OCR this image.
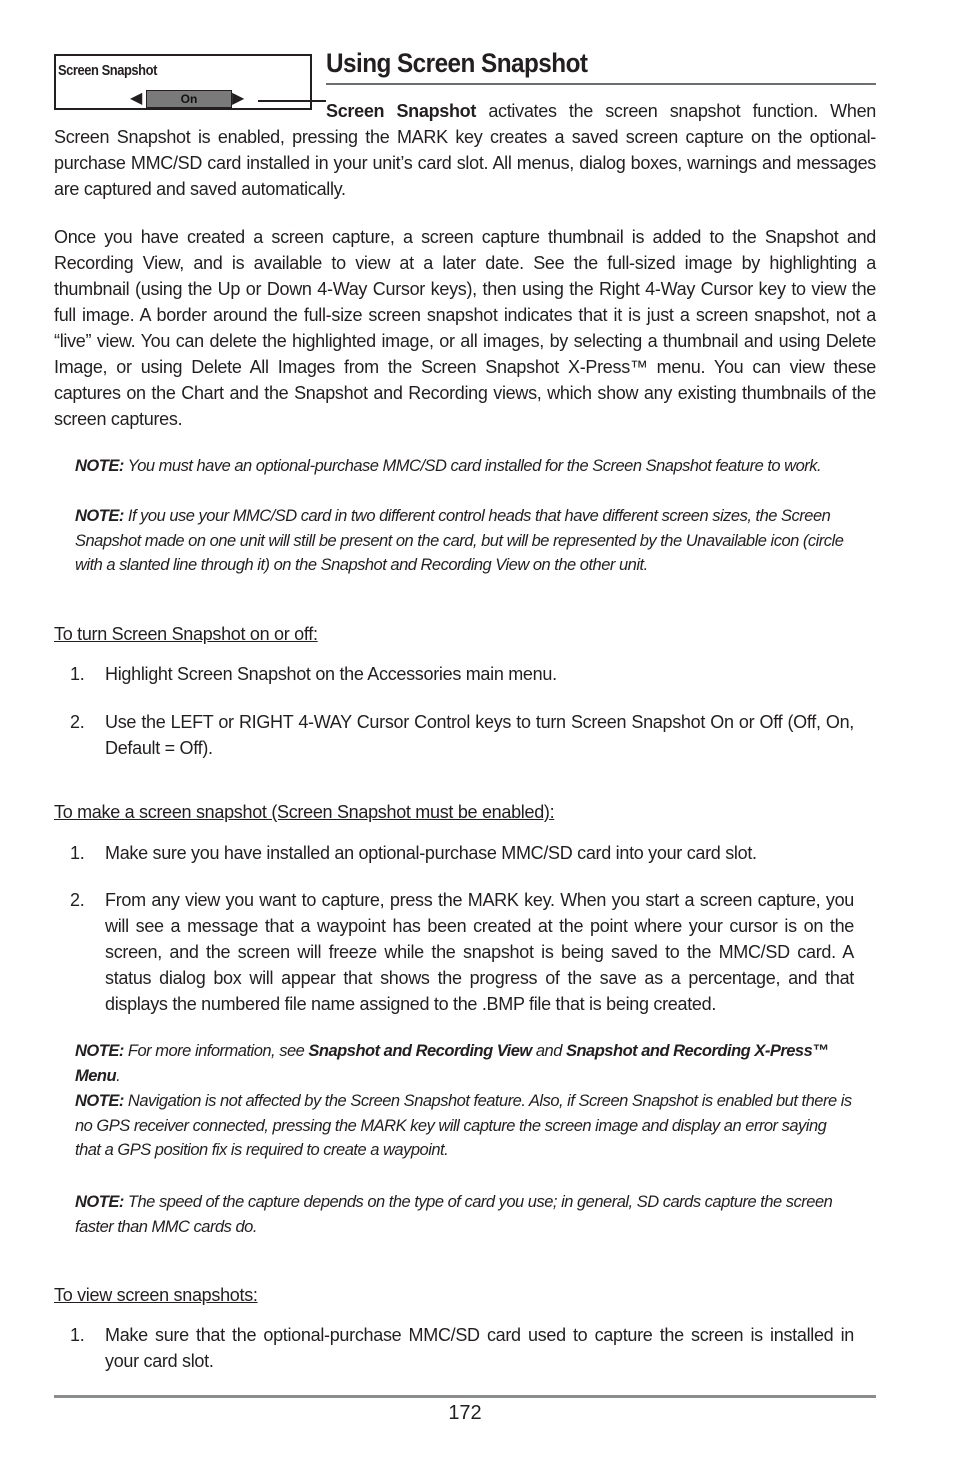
Screen Snapshot
◀	On	▶
Using Screen Snapshot

Screen Snapshot activates the screen snapshot function. When Screen Snapshot is enabled, pressing the MARK key creates a saved screen capture on the optional-purchase MMC/SD card installed in your unit’s card slot. All menus, dialog boxes, warnings and messages are captured and saved automatically.

Once you have created a screen capture, a screen capture thumbnail is added to the Snapshot and Recording View, and is available to view at a later date. See the full-sized image by highlighting a thumbnail (using the Up or Down 4-Way Cursor keys), then using the Right 4-Way Cursor key to view the full image. A border around the full-size screen snapshot indicates that it is just a screen snapshot, not a “live” view. You can delete the highlighted image, or all images, by selecting a thumbnail and using Delete Image, or using Delete All Images from the Screen Snapshot X-Press™ menu. You can view these captures on the Chart and the Snapshot and Recording views, which show any existing thumbnails of the screen captures.

NOTE: You must have an optional-purchase MMC/SD card installed for the Screen Snapshot feature to work.

NOTE: If you use your MMC/SD card in two different control heads that have different screen sizes, the Screen Snapshot made on one unit will still be present on the card, but will be represented by the Unavailable icon (circle with a slanted line through it) on the Snapshot and Recording View on the other unit.

To turn Screen Snapshot on or off:

1. Highlight Screen Snapshot on the Accessories main menu.
2. Use the LEFT or RIGHT 4-WAY Cursor Control keys to turn Screen Snapshot On or Off (Off, On, Default = Off).

To make a screen snapshot (Screen Snapshot must be enabled):

1. Make sure you have installed an optional-purchase MMC/SD card into your card slot.
2. From any view you want to capture, press the MARK key. When you start a screen capture, you will see a message that a waypoint has been created at the point where your cursor is on the screen, and the screen will freeze while the snapshot is being saved to the MMC/SD card. A status dialog box will appear that shows the progress of the save as a percentage, and that displays the numbered file name assigned to the .BMP file that is being created.

NOTE: For more information, see Snapshot and Recording View and Snapshot and Recording X-Press™ Menu.

NOTE: Navigation is not affected by the Screen Snapshot feature. Also, if Screen Snapshot is enabled but there is no GPS receiver connected, pressing the MARK key will capture the screen image and display an error saying that a GPS position fix is required to create a waypoint.

NOTE: The speed of the capture depends on the type of card you use; in general, SD cards capture the screen faster than MMC cards do.

To view screen snapshots:

1. Make sure that the optional-purchase MMC/SD card used to capture the screen is installed in your card slot.
172
